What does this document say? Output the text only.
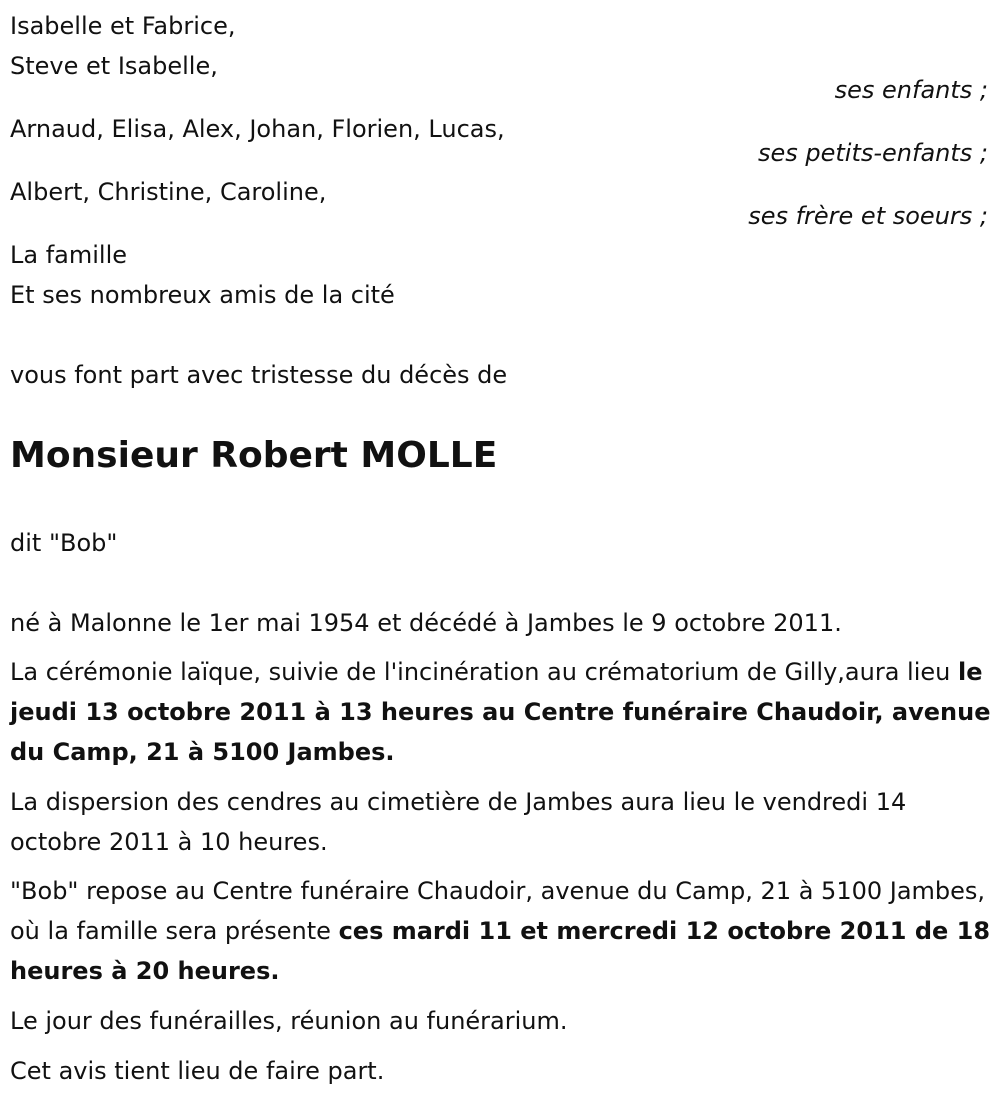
Isabelle et Fabrice,
Steve et Isabelle,
ses enfants ;
Arnaud, Elisa, Alex, Johan, Florien, Lucas,
ses petits-enfants ;
Albert, Christine, Caroline,
ses frère et soeurs ;
La famille
Et ses nombreux amis de la cité
vous font part avec tristesse du décès de
Monsieur Robert MOLLE
dit "Bob"
né à Malonne le 1er mai 1954 et décédé à Jambes le 9 octobre 2011.
La cérémonie laïque, suivie de l'incinération au crématorium de Gilly,aura lieu le jeudi 13 octobre 2011 à 13 heures au Centre funéraire Chaudoir, avenue du Camp, 21 à 5100 Jambes.
La dispersion des cendres au cimetière de Jambes aura lieu le vendredi 14 octobre 2011 à 10 heures.
"Bob" repose au Centre funéraire Chaudoir, avenue du Camp, 21 à 5100 Jambes, où la famille sera présente ces mardi 11 et mercredi 12 octobre 2011 de 18 heures à 20 heures.
Le jour des funérailles, réunion au funérarium.
Cet avis tient lieu de faire part.
